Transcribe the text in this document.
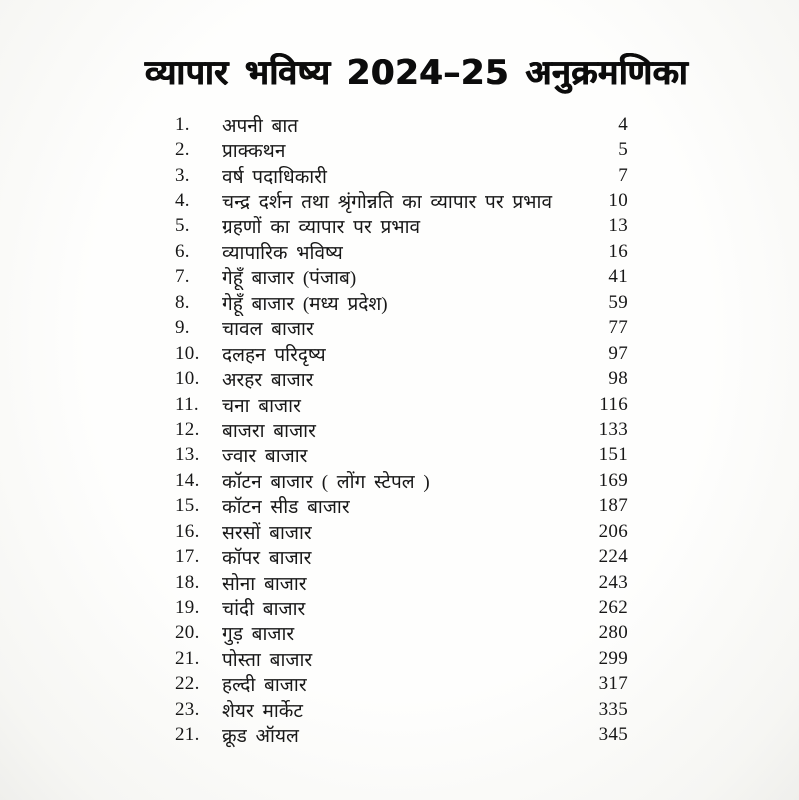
व्यापार भविष्य 2024–25 अनुक्रमणिका
1.	अपनी बात	4
2.	प्राक्कथन	5
3.	वर्ष पदाधिकारी	7
4.	चन्द्र दर्शन तथा श्रृंगोन्नति का व्यापार पर प्रभाव	10
5.	ग्रहणों का व्यापार पर प्रभाव	13
6.	व्यापारिक भविष्य	16
7.	गेहूँ बाजार (पंजाब)	41
8.	गेहूँ बाजार (मध्य प्रदेश)	59
9.	चावल बाजार	77
10.	दलहन परिदृष्य	97
10.	अरहर बाजार	98
11.	चना बाजार	116
12.	बाजरा बाजार	133
13.	ज्वार बाजार	151
14.	कॉटन बाजार ( लोंग स्टेपल )	169
15.	कॉटन सीड बाजार	187
16.	सरसों बाजार	206
17.	कॉपर बाजार	224
18.	सोना बाजार	243
19.	चांदी बाजार	262
20.	गुड़ बाजार	280
21.	पोस्ता बाजार	299
22.	हल्दी बाजार	317
23.	शेयर मार्केट	335
21.	क्रूड ऑयल	345
